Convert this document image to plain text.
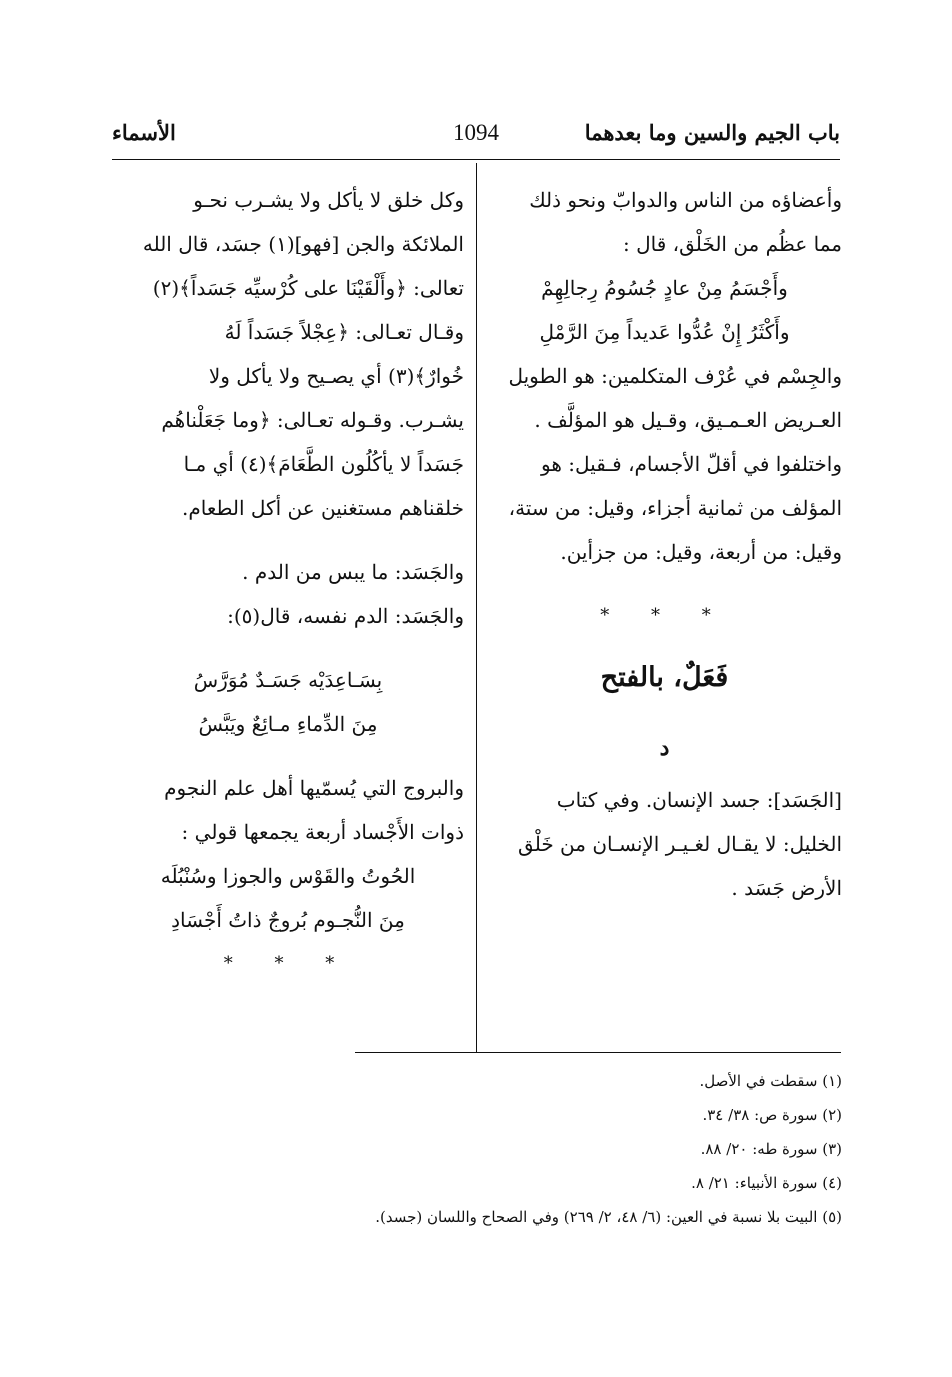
باب الجيم والسين وما بعدهما
1094
الأسماء
وأعضاؤه من الناس والدوابّ ونحو ذلك
مما عظُم من الخَلْق، قال :
وأَجْسَمُ مِنْ عادٍ جُسُومُ رِجالِهِمْ
وأَكْثَرُ إِنْ عُدُّوا عَديداً مِنَ الرَّمْلِ
والجِسْم في عُرْف المتكلمين: هو الطويل
العـريض العـمـيق، وقـيل هو المؤلَّف .
واختلفوا في أقلّ الأجسام، فـقيل: هو
المؤلف من ثمانية أجزاء، وقيل: من ستة،
وقيل: من أربعة، وقيل: من جزأين.
* * *
فَعَلٌ، بالفتح
د
[الجَسَد]: جسد الإنسان. وفي كتاب
الخليل: لا يقـال لغـيـر الإنسـان من خَلْق
الأرض جَسَد .
وكل خلق لا يأكل ولا يشـرب نحـو
الملائكة والجن [فهو](١) جسَد، قال الله
تعالى: ﴿وأَلْقَيْنَا على كُرْسيِّه جَسَداً﴾(٢)
وقـال تعـالى: ﴿عِجْلاً جَسَداً لَهُ
خُوارٌ﴾(٣) أي يصـيح ولا يأكل ولا
يشـرب. وقـوله تعـالى: ﴿وما جَعَلْناهُم
جَسَداً لا يأكُلُون الطَّعَامَ﴾(٤) أي مـا
خلقناهم مستغنين عن أكل الطعام.
والجَسَد: ما يبس من الدم .
والجَسَد: الدم نفسه، قال(٥):
بِسَـاعِدَيْه جَسَـدٌ مُوَرَّسُ
مِنَ الدِّماءِ مـائِعٌ ويَبَّسُ
والبروج التي يُسمّيها أهل علم النجوم
ذوات الأَجْساد أربعة يجمعها قولي :
الحُوتُ والقَوْس والجوزا وسُنْبُلَه
مِنَ النُّجـوم بُروجٌ ذاتُ أَجْسَادِ
* * *
(١) سقطت في الأصل.
(٢) سورة ص: ٣٨/ ٣٤.
(٣) سورة طه: ٢٠/ ٨٨.
(٤) سورة الأنبياء: ٢١/ ٨.
(٥) البيت بلا نسبة في العين: (٦/ ٤٨، ٢/ ٢٦٩) وفي الصحاح واللسان (جسد).
